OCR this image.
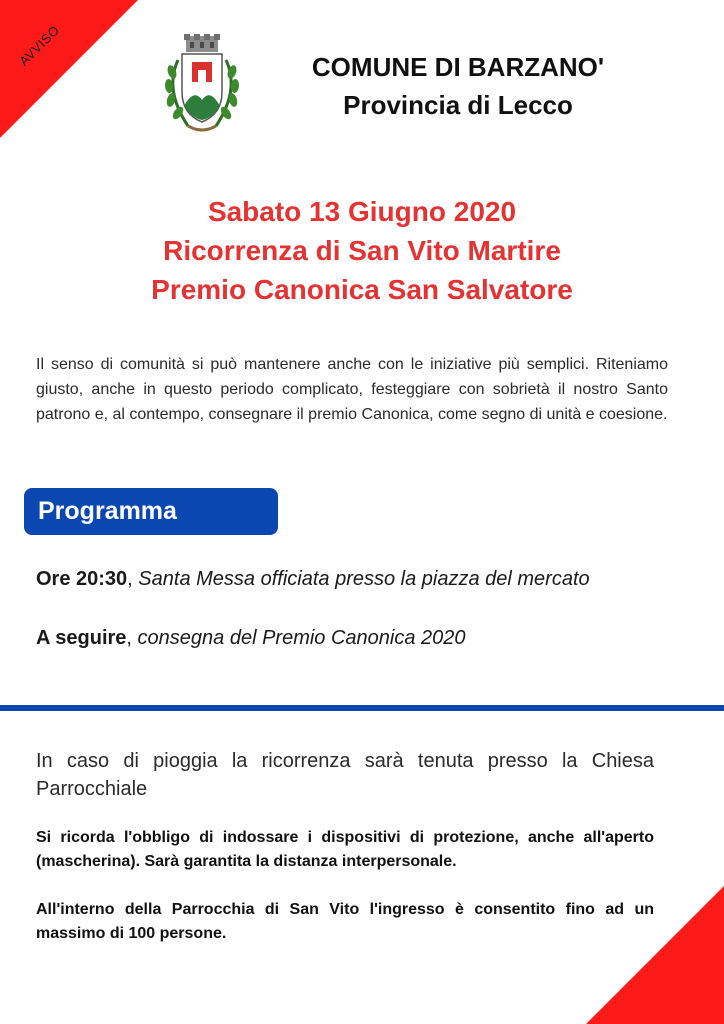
AVVISO	COMUNE DI BARZANO'
Provincia di Lecco
Sabato 13 Giugno 2020
Ricorrenza di San Vito Martire
Premio Canonica San Salvatore
Il senso di comunità si può mantenere anche con le iniziative più semplici. Riteniamo giusto, anche in questo periodo complicato, festeggiare con sobrietà il nostro Santo patrono e, al contempo, consegnare il premio Canonica, come segno di unità e coesione.
Programma
Ore 20:30, Santa Messa officiata presso la piazza del mercato
A seguire, consegna del Premio Canonica 2020
In caso di pioggia la ricorrenza sarà tenuta presso la Chiesa Parrocchiale
Si ricorda l'obbligo di indossare i dispositivi di protezione, anche all'aperto (mascherina). Sarà garantita la distanza interpersonale.
All'interno della Parrocchia di San Vito l'ingresso è consentito fino ad un massimo di 100 persone.
